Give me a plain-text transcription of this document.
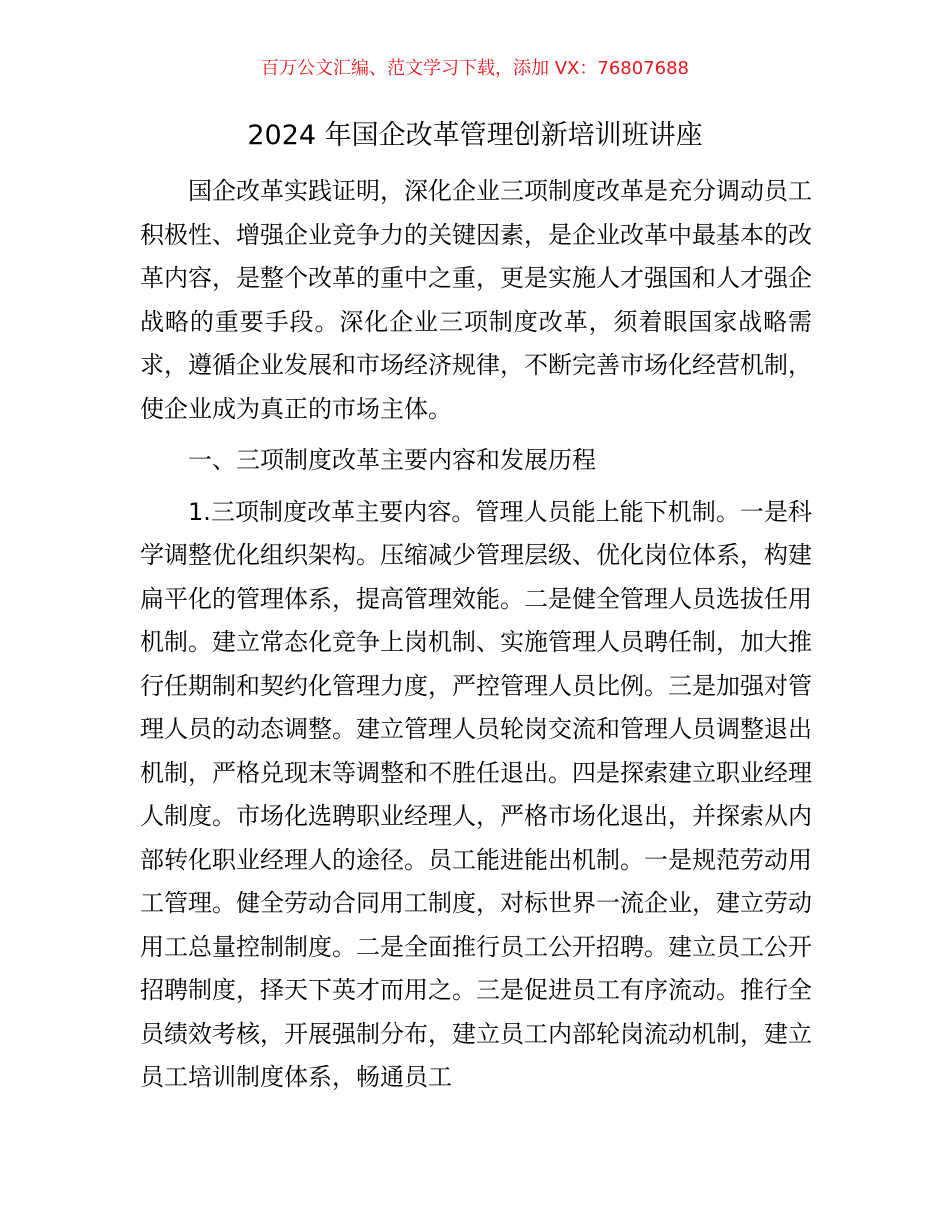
百万公文汇编、范文学习下载，添加 VX：76807688

2024 年国企改革管理创新培训班讲座

国企改革实践证明，深化企业三项制度改革是充分调动员工积极性、增强企业竞争力的关键因素，是企业改革中最基本的改革内容，是整个改革的重中之重，更是实施人才强国和人才强企战略的重要手段。深化企业三项制度改革，须着眼国家战略需求，遵循企业发展和市场经济规律，不断完善市场化经营机制，使企业成为真正的市场主体。

一、三项制度改革主要内容和发展历程

1.三项制度改革主要内容。管理人员能上能下机制。一是科学调整优化组织架构。压缩减少管理层级、优化岗位体系，构建扁平化的管理体系，提高管理效能。二是健全管理人员选拔任用机制。建立常态化竞争上岗机制、实施管理人员聘任制，加大推行任期制和契约化管理力度，严控管理人员比例。三是加强对管理人员的动态调整。建立管理人员轮岗交流和管理人员调整退出机制，严格兑现末等调整和不胜任退出。四是探索建立职业经理人制度。市场化选聘职业经理人，严格市场化退出，并探索从内部转化职业经理人的途径。员工能进能出机制。一是规范劳动用工管理。健全劳动合同用工制度，对标世界一流企业，建立劳动用工总量控制制度。二是全面推行员工公开招聘。建立员工公开招聘制度，择天下英才而用之。三是促进员工有序流动。推行全员绩效考核，开展强制分布，建立员工内部轮岗流动机制，建立员工培训制度体系，畅通员工
